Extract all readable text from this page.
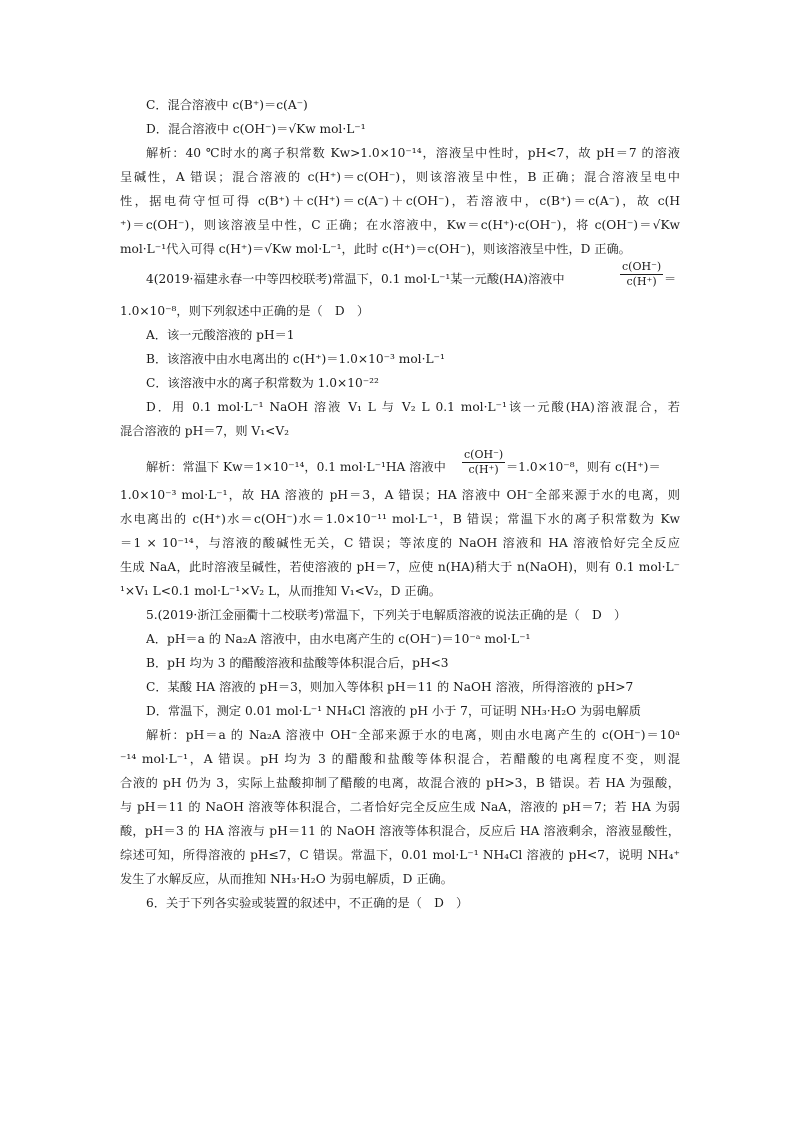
C．混合溶液中 c(B⁺)＝c(A⁻)
D．混合溶液中 c(OH⁻)＝√Kw mol·L⁻¹
解析：40 ℃时水的离子积常数 Kw>1.0×10⁻¹⁴，溶液呈中性时，pH<7，故 pH＝7 的溶液
呈碱性，A 错误；混合溶液的 c(H⁺)＝c(OH⁻)，则该溶液呈中性，B 正确；混合溶液呈电中
性，据电荷守恒可得 c(B⁺)＋c(H⁺)＝c(A⁻)＋c(OH⁻)，若溶液中，c(B⁺)＝c(A⁻)，故 c(H
⁺)＝c(OH⁻)，则该溶液呈中性，C 正确；在水溶液中，Kw＝c(H⁺)·c(OH⁻)，将 c(OH⁻)＝√Kw
mol·L⁻¹代入可得 c(H⁺)＝√Kw mol·L⁻¹，此时 c(H⁺)＝c(OH⁻)，则该溶液呈中性，D 正确。
4(2019·福建永春一中等四校联考)常温下，0.1 mol·L⁻¹某一元酸(HA)溶液中	$\frac{c(OH^-)}{c(H^+)}$ ＝
1.0×10⁻⁸，则下列叙述中正确的是（　D　）
A．该一元酸溶液的 pH＝1
B．该溶液中由水电离出的 c(H⁺)＝1.0×10⁻³ mol·L⁻¹
C．该溶液中水的离子积常数为 1.0×10⁻²²
D．用 0.1 mol·L⁻¹ NaOH 溶液 V₁ L 与 V₂ L 0.1 mol·L⁻¹该一元酸(HA)溶液混合，若
混合溶液的 pH＝7，则 V₁<V₂
解析：常温下 Kw＝1×10⁻¹⁴，0.1 mol·L⁻¹HA 溶液中	$\frac{c(OH^-)}{c(H^+)} =1.0\times 10^{-8}$，则有 c(H⁺)＝
1.0×10⁻³ mol·L⁻¹，故 HA 溶液的 pH＝3，A 错误；HA 溶液中 OH⁻全部来源于水的电离，则
水电离出的 c(H⁺)水＝c(OH⁻)水＝1.0×10⁻¹¹ mol·L⁻¹，B 错误；常温下水的离子积常数为 Kw
＝1 × 10⁻¹⁴，与溶液的酸碱性无关，C 错误；等浓度的 NaOH 溶液和 HA 溶液恰好完全反应
生成 NaA，此时溶液呈碱性，若使溶液的 pH＝7，应使 n(HA)稍大于 n(NaOH)，则有 0.1 mol·L⁻
¹×V₁ L<0.1 mol·L⁻¹×V₂ L，从而推知 V₁<V₂，D 正确。
5.(2019·浙江金丽衢十二校联考)常温下，下列关于电解质溶液的说法正确的是（　D　）
A．pH＝a 的 Na₂A 溶液中，由水电离产生的 c(OH⁻)＝10⁻ᵃ mol·L⁻¹
B．pH 均为 3 的醋酸溶液和盐酸等体积混合后，pH<3
C．某酸 HA 溶液的 pH＝3，则加入等体积 pH＝11 的 NaOH 溶液，所得溶液的 pH>7
D．常温下，测定 0.01 mol·L⁻¹ NH₄Cl 溶液的 pH 小于 7，可证明 NH₃·H₂O 为弱电解质
解析：pH＝a 的 Na₂A 溶液中 OH⁻全部来源于水的电离，则由水电离产生的 c(OH⁻)＝10ᵃ
⁻¹⁴ mol·L⁻¹，A 错误。pH 均为 3 的醋酸和盐酸等体积混合，若醋酸的电离程度不变，则混
合液的 pH 仍为 3，实际上盐酸抑制了醋酸的电离，故混合液的 pH>3，B 错误。若 HA 为强酸，
与 pH＝11 的 NaOH 溶液等体积混合，二者恰好完全反应生成 NaA，溶液的 pH＝7；若 HA 为弱
酸，pH＝3 的 HA 溶液与 pH＝11 的 NaOH 溶液等体积混合，反应后 HA 溶液剩余，溶液显酸性，
综述可知，所得溶液的 pH≤7，C 错误。常温下，0.01 mol·L⁻¹ NH₄Cl 溶液的 pH<7，说明 NH₄⁺
发生了水解反应，从而推知 NH₃·H₂O 为弱电解质，D 正确。
6．关于下列各实验或装置的叙述中，不正确的是（　D　）
